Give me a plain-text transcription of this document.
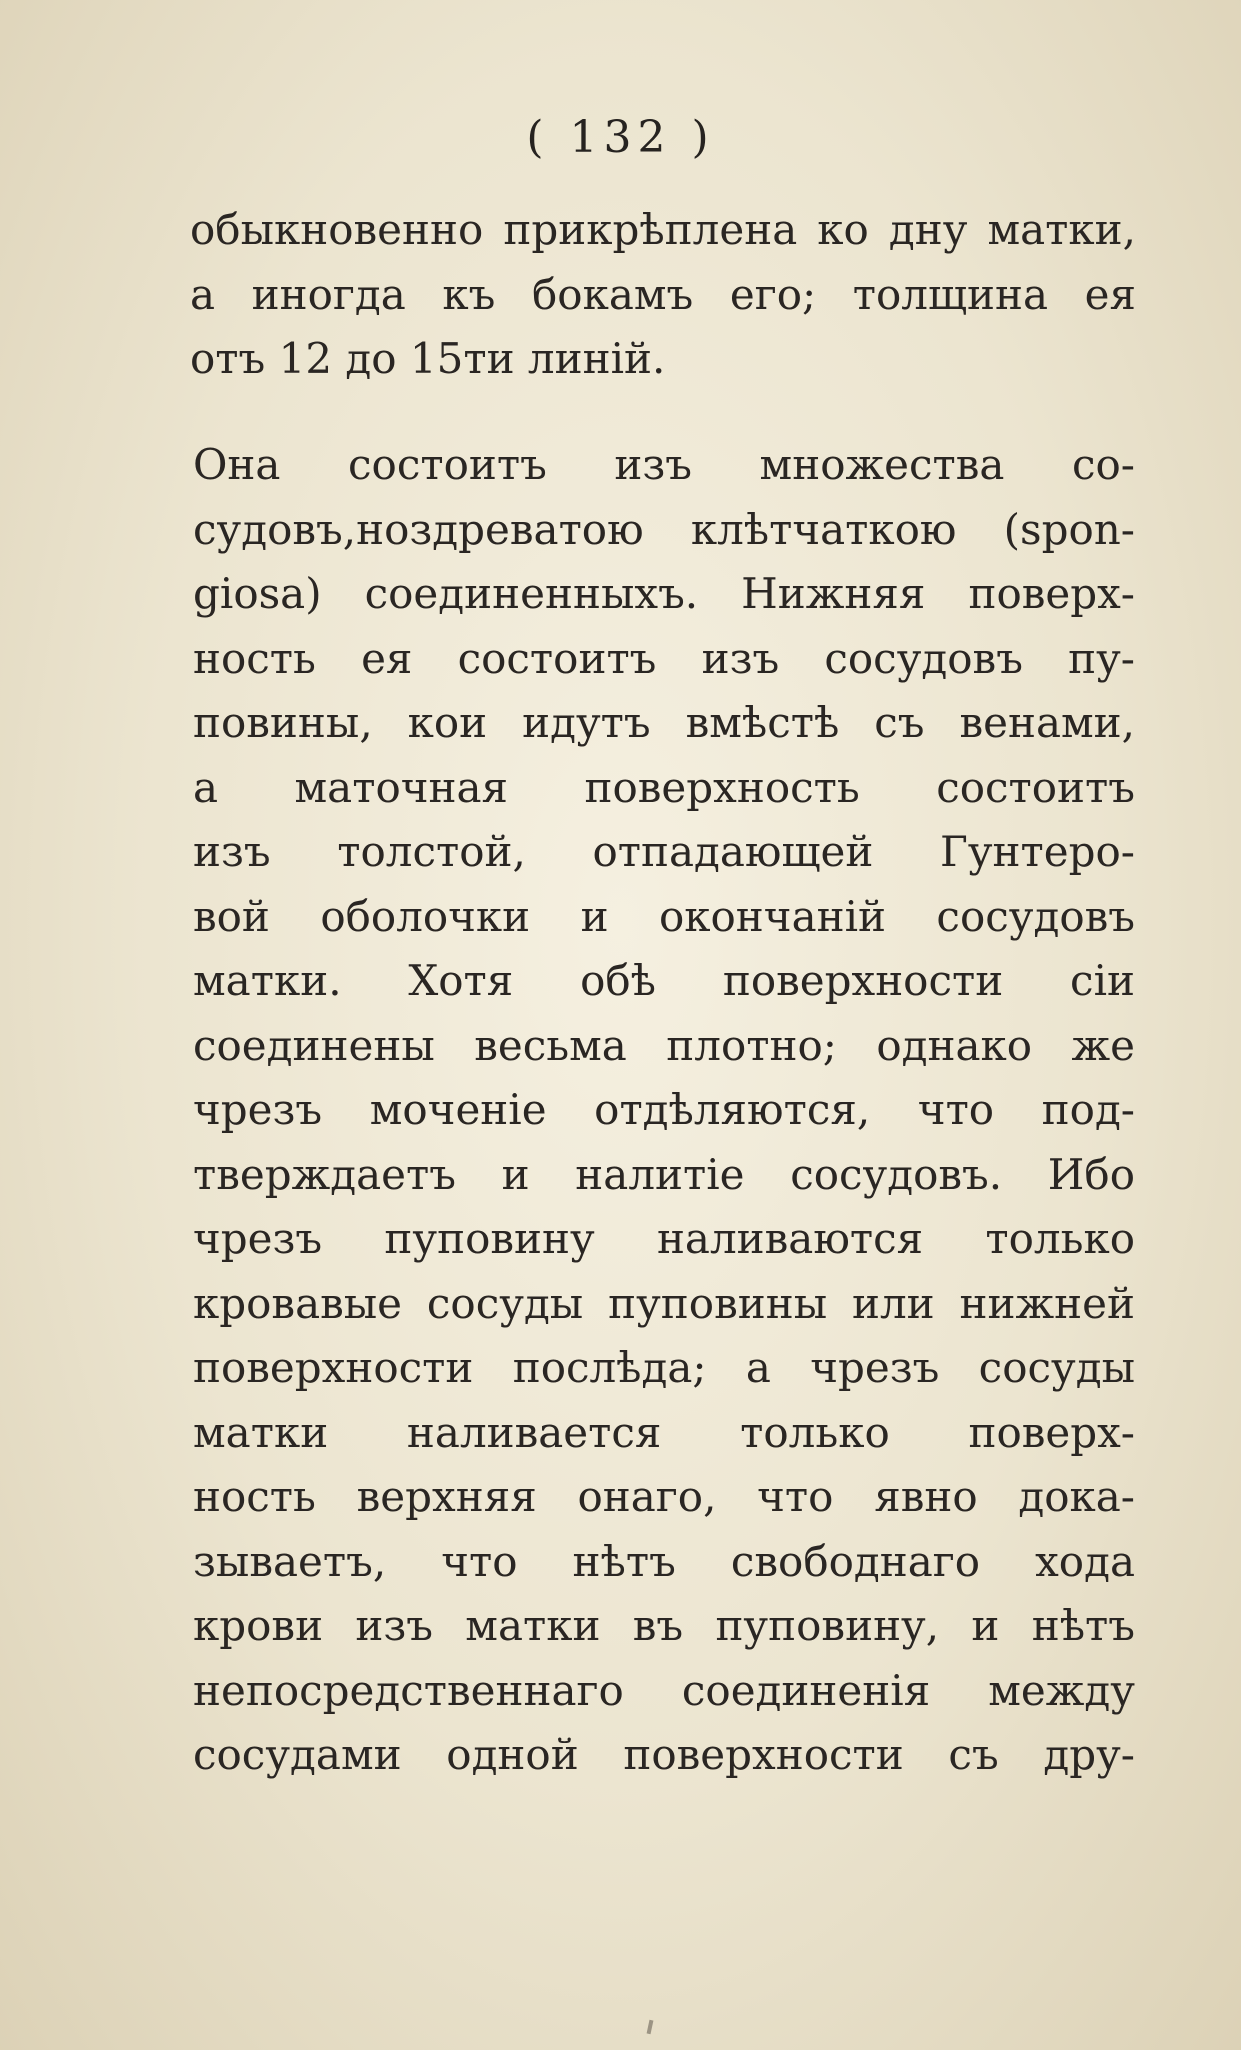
( 132 )
обыкновенно прикрѣплена ко дну матки,
а иногда къ бокамъ его; толщина ея
отъ 12 до 15ти линій.
Она состоитъ изъ множества со-
судовъ,ноздреватою клѣтчаткою (spon-
giosa) соединенныхъ. Нижняя поверх-
ность ея состоитъ изъ сосудовъ пу-
повины, кои идутъ вмѣстѣ съ венами,
а маточная поверхность состоитъ
изъ толстой, отпадающей Гунтеро-
вой оболочки и окончаній сосудовъ
матки. Хотя обѣ поверхности сіи
соединены весьма плотно; однако же
чрезъ моченіе отдѣляются, что под-
тверждаетъ и налитіе сосудовъ. Ибо
чрезъ пуповину наливаются только
кровавые сосуды пуповины или нижней
поверхности послѣда; а чрезъ сосуды
матки наливается только поверх-
ность верхняя онаго, что явно дока-
зываетъ, что нѣтъ свободнаго хода
крови изъ матки въ пуповину, и нѣтъ
непосредственнаго соединенія между
сосудами одной поверхности съ дру-
